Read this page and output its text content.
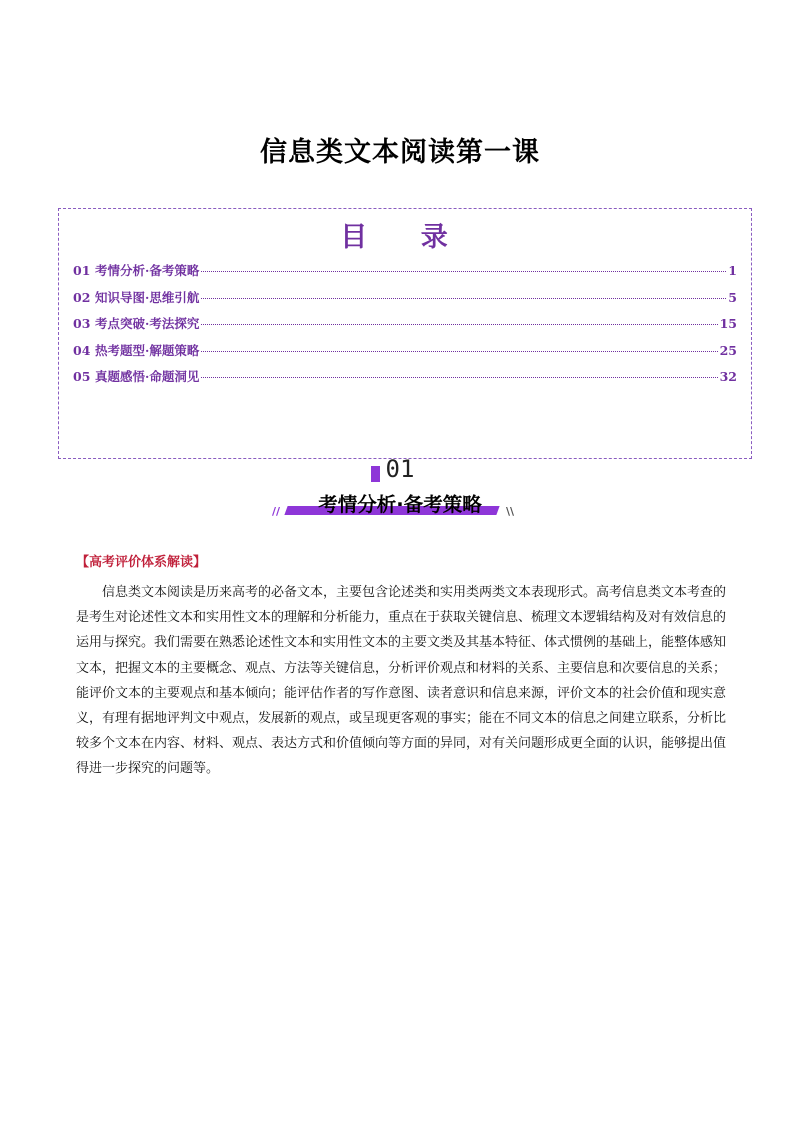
信息类文本阅读第一课
目 录
01 考情分析·备考策略	1
02 知识导图·思维引航	5
03 考点突破·考法探究	15
04 热考题型·解题策略	25
05 真题感悟·命题洞见	32
01
//	考情分析·备考策略	\\
【高考评价体系解读】
信息类文本阅读是历来高考的必备文本，主要包含论述类和实用类两类文本表现形式。高考信息类文本考查的是考生对论述性文本和实用性文本的理解和分析能力，重点在于获取关键信息、梳理文本逻辑结构及对有效信息的运用与探究。我们需要在熟悉论述性文本和实用性文本的主要文类及其基本特征、体式惯例的基础上，能整体感知文本，把握文本的主要概念、观点、方法等关键信息，分析评价观点和材料的关系、主要信息和次要信息的关系；能评价文本的主要观点和基本倾向；能评估作者的写作意图、读者意识和信息来源，评价文本的社会价值和现实意义，有理有据地评判文中观点，发展新的观点，或呈现更客观的事实；能在不同文本的信息之间建立联系，分析比较多个文本在内容、材料、观点、表达方式和价值倾向等方面的异同，对有关问题形成更全面的认识，能够提出值得进一步探究的问题等。
